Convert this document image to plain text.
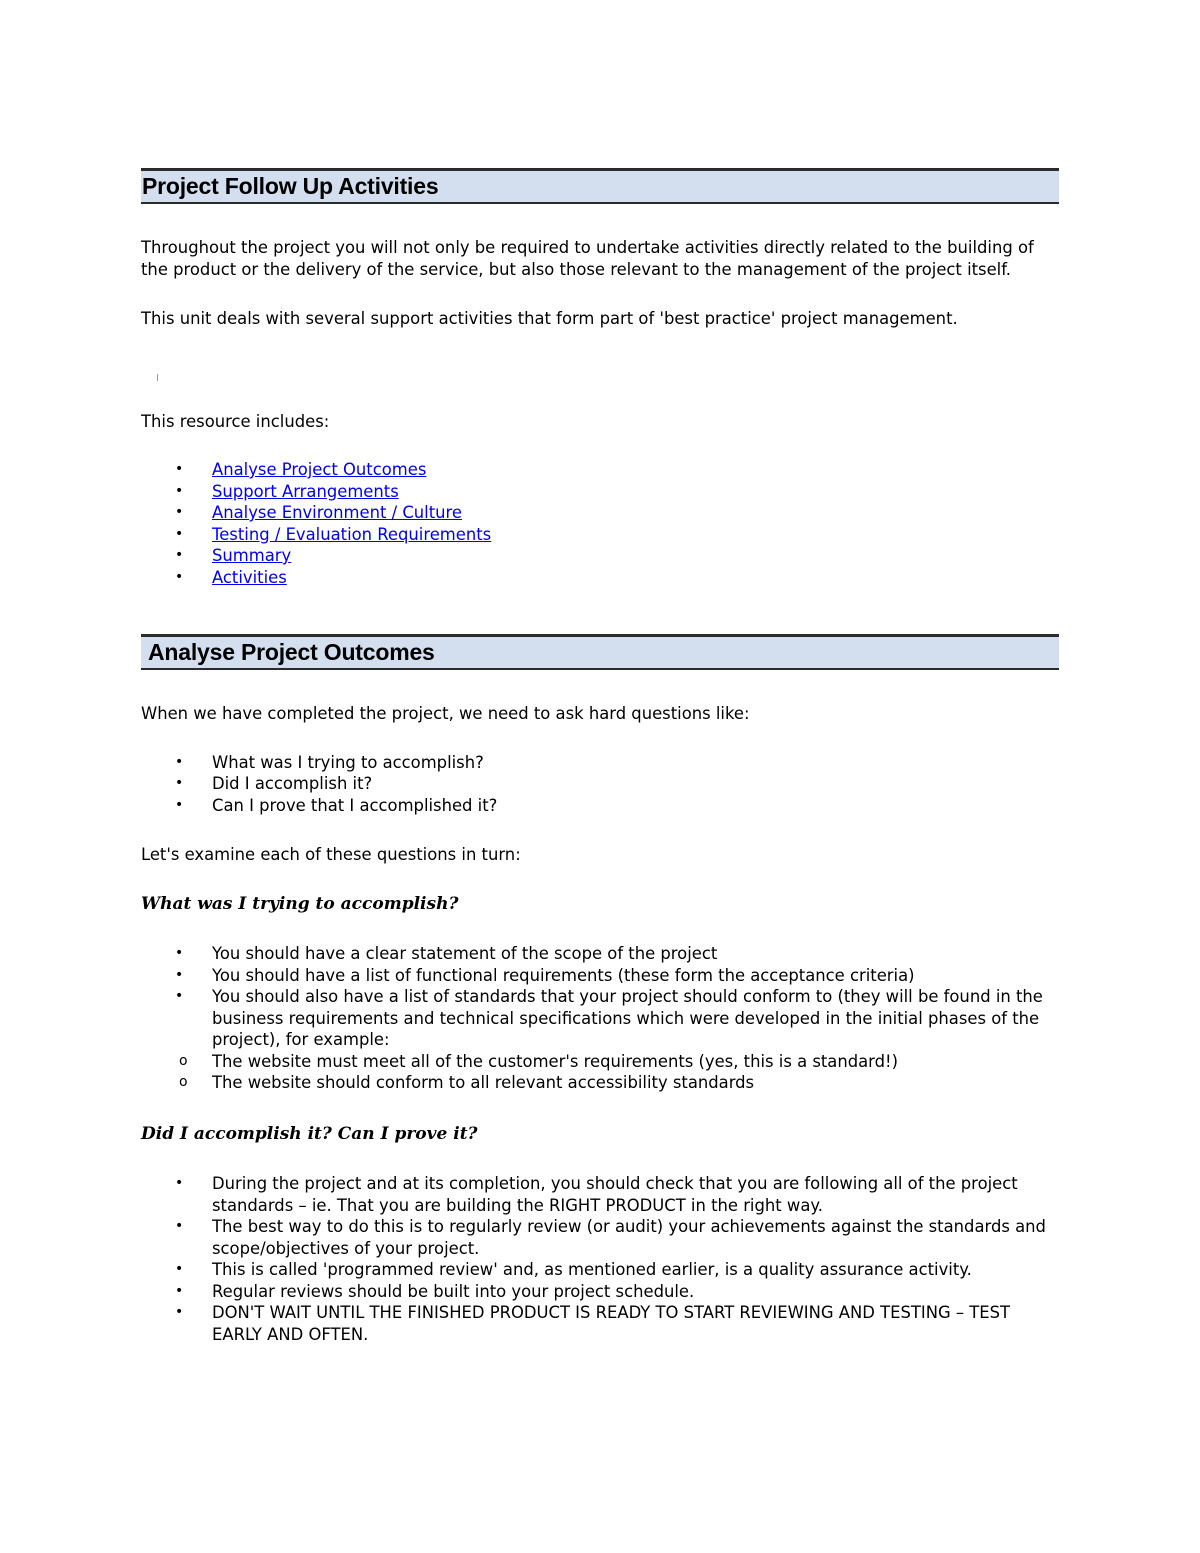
Project Follow Up Activities

Throughout the project you will not only be required to undertake activities directly related to the building of the product or the delivery of the service, but also those relevant to the management of the project itself.

This unit deals with several support activities that form part of 'best practice' project management.

This resource includes:

• Analyse Project Outcomes
• Support Arrangements
• Analyse Environment / Culture
• Testing / Evaluation Requirements
• Summary
• Activities
Analyse Project Outcomes

When we have completed the project, we need to ask hard questions like:

• What was I trying to accomplish?
• Did I accomplish it?
• Can I prove that I accomplished it?

Let's examine each of these questions in turn:

What was I trying to accomplish?

• You should have a clear statement of the scope of the project
• You should have a list of functional requirements (these form the acceptance criteria)
• You should also have a list of standards that your project should conform to (they will be found in the business requirements and technical specifications which were developed in the initial phases of the project), for example:
o The website must meet all of the customer's requirements (yes, this is a standard!)
o The website should conform to all relevant accessibility standards

Did I accomplish it? Can I prove it?

• During the project and at its completion, you should check that you are following all of the project standards – ie. That you are building the RIGHT PRODUCT in the right way.
• The best way to do this is to regularly review (or audit) your achievements against the standards and scope/objectives of your project.
• This is called 'programmed review' and, as mentioned earlier, is a quality assurance activity.
• Regular reviews should be built into your project schedule.
• DON'T WAIT UNTIL THE FINISHED PRODUCT IS READY TO START REVIEWING AND TESTING – TEST EARLY AND OFTEN.
